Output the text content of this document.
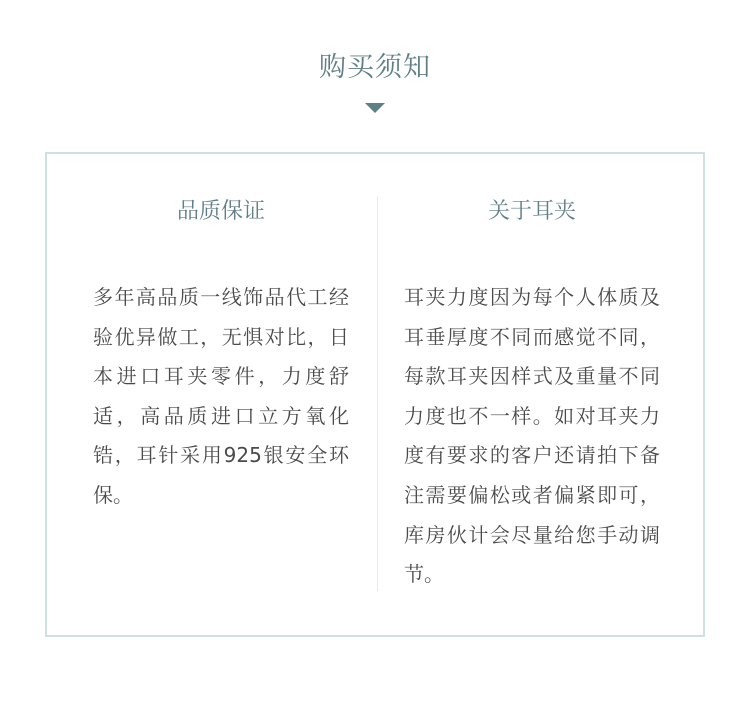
购买须知
品质保证

多年高品质一线饰品代工经验优异做工，无惧对比，日本进口耳夹零件，力度舒适，高品质进口立方氧化锆，耳针采用925银安全环保。

关于耳夹

耳夹力度因为每个人体质及耳垂厚度不同而感觉不同，每款耳夹因样式及重量不同力度也不一样。如对耳夹力度有要求的客户还请拍下备注需要偏松或者偏紧即可，库房伙计会尽量给您手动调节。
